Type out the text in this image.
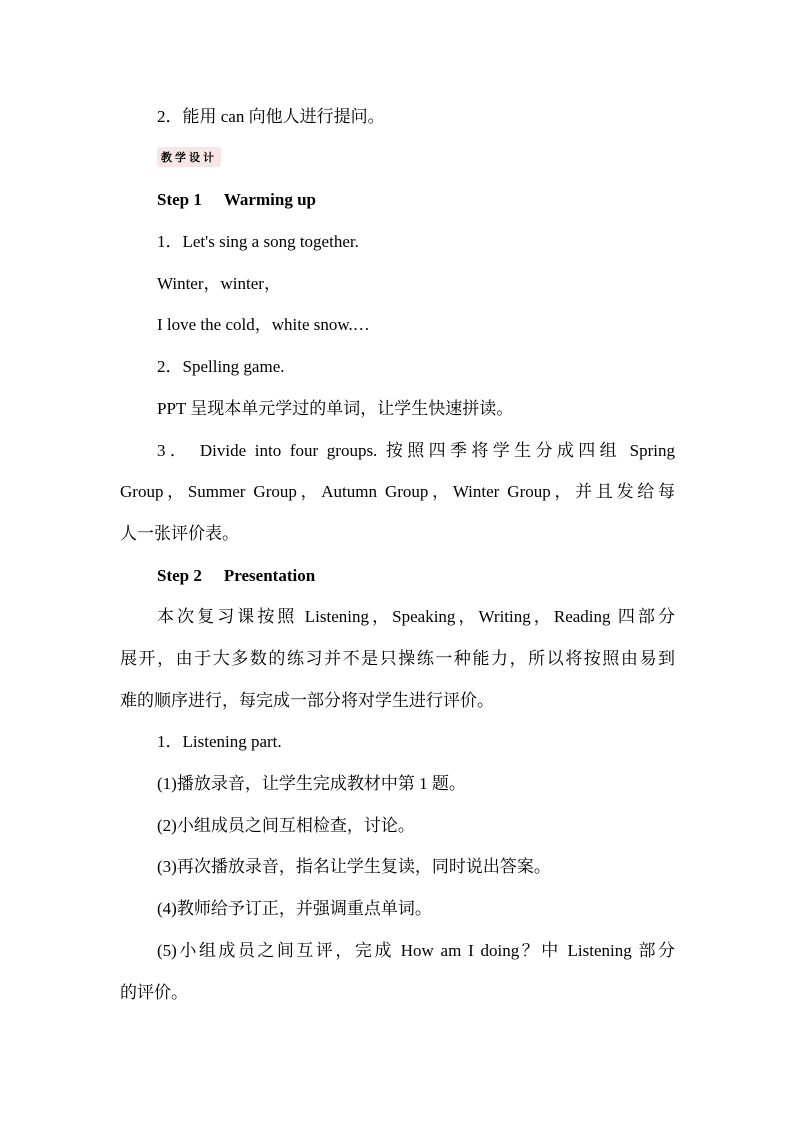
2．能用 can 向他人进行提问。

教学设计

Step 1 Warming up

1．Let's sing a song together.

Winter，winter，

I love the cold，white snow.…

2．Spelling game.

PPT 呈现本单元学过的单词，让学生快速拼读。

3． Divide into four groups. 按照四季将学生分成四组 Spring

Group，Summer Group，Autumn Group，Winter Group，并且发给每

人一张评价表。

Step 2 Presentation

本次复习课按照 Listening，Speaking，Writing，Reading 四部分

展开，由于大多数的练习并不是只操练一种能力，所以将按照由易到

难的顺序进行，每完成一部分将对学生进行评价。

1．Listening part.

(1)播放录音，让学生完成教材中第 1 题。

(2)小组成员之间互相检查，讨论。

(3)再次播放录音，指名让学生复读，同时说出答案。

(4)教师给予订正，并强调重点单词。

(5)小组成员之间互评，完成 How am I doing？中 Listening 部分

的评价。
